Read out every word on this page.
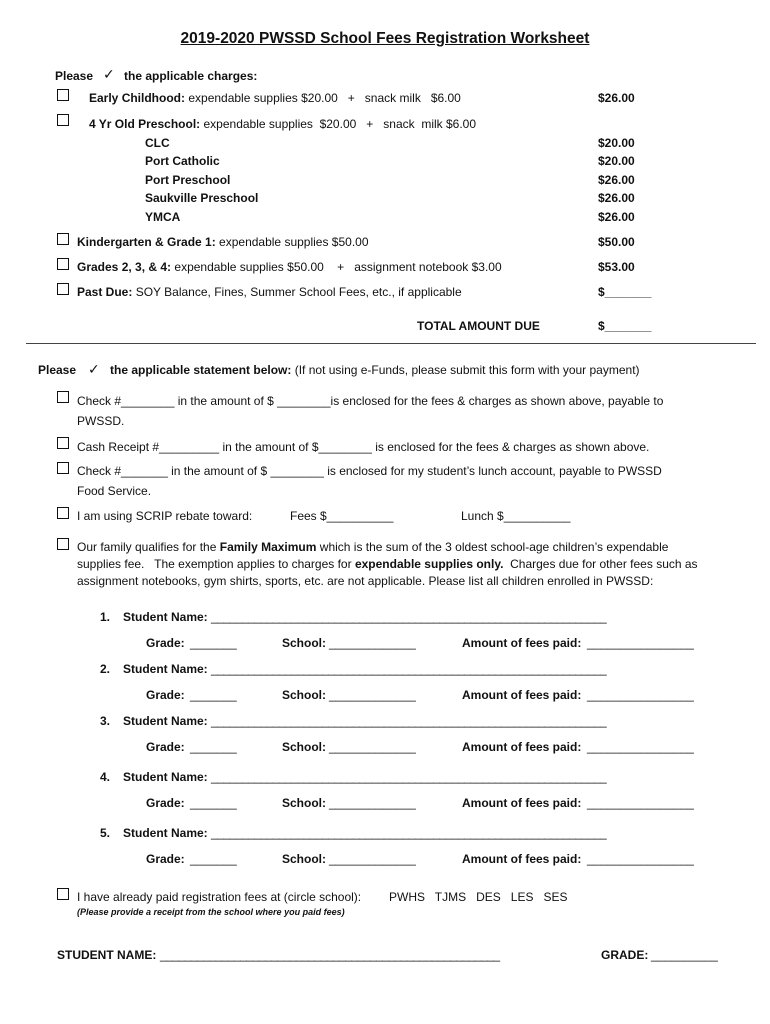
2019-2020 PWSSD School Fees Registration Worksheet
Please ✓ the applicable charges:
Early Childhood: expendable supplies $20.00   +   snack milk   $6.00	$26.00
4 Yr Old Preschool: expendable supplies  $20.00   +   snack  milk $6.00
CLC	$20.00
Port Catholic	$20.00
Port Preschool	$26.00
Saukville Preschool	$26.00
YMCA	$26.00
Kindergarten & Grade 1: expendable supplies $50.00	$50.00
Grades 2, 3, & 4: expendable supplies $50.00    +   assignment notebook $3.00	$53.00
Past Due: SOY Balance, Fines, Summer School Fees, etc., if applicable	$_______
TOTAL AMOUNT DUE	$_______
Please ✓ the applicable statement below: (If not using e-Funds, please submit this form with your payment)
Check #________ in the amount of $ ________is enclosed for the fees & charges as shown above, payable to
PWSSD.
Cash Receipt #_________ in the amount of $________ is enclosed for the fees & charges as shown above.
Check #_______ in the amount of $ ________ is enclosed for my student’s lunch account, payable to PWSSD
Food Service.
I am using SCRIP rebate toward:	Fees $__________	Lunch $__________
Our family qualifies for the Family Maximum which is the sum of the 3 oldest school-age children’s expendable
supplies fee.   The exemption applies to charges for expendable supplies only.  Charges due for other fees such as
assignment notebooks, gym shirts, sports, etc. are not applicable. Please list all children enrolled in PWSSD:
1. Student Name: ________________________________________________________________
Grade: _______	School: _____________	Amount of fees paid: ________________
2. Student Name: ________________________________________________________________
Grade: _______	School: _____________	Amount of fees paid: ________________
3. Student Name: ________________________________________________________________
Grade: _______	School: _____________	Amount of fees paid: ________________
4. Student Name: ________________________________________________________________
Grade: _______	School: _____________	Amount of fees paid: ________________
5. Student Name: ________________________________________________________________
Grade: _______	School: _____________	Amount of fees paid: ________________
I have already paid registration fees at (circle school): PWHS   TJMS   DES   LES   SES
(Please provide a receipt from the school where you paid fees)
STUDENT NAME: _______________________________________________________	GRADE: __________
